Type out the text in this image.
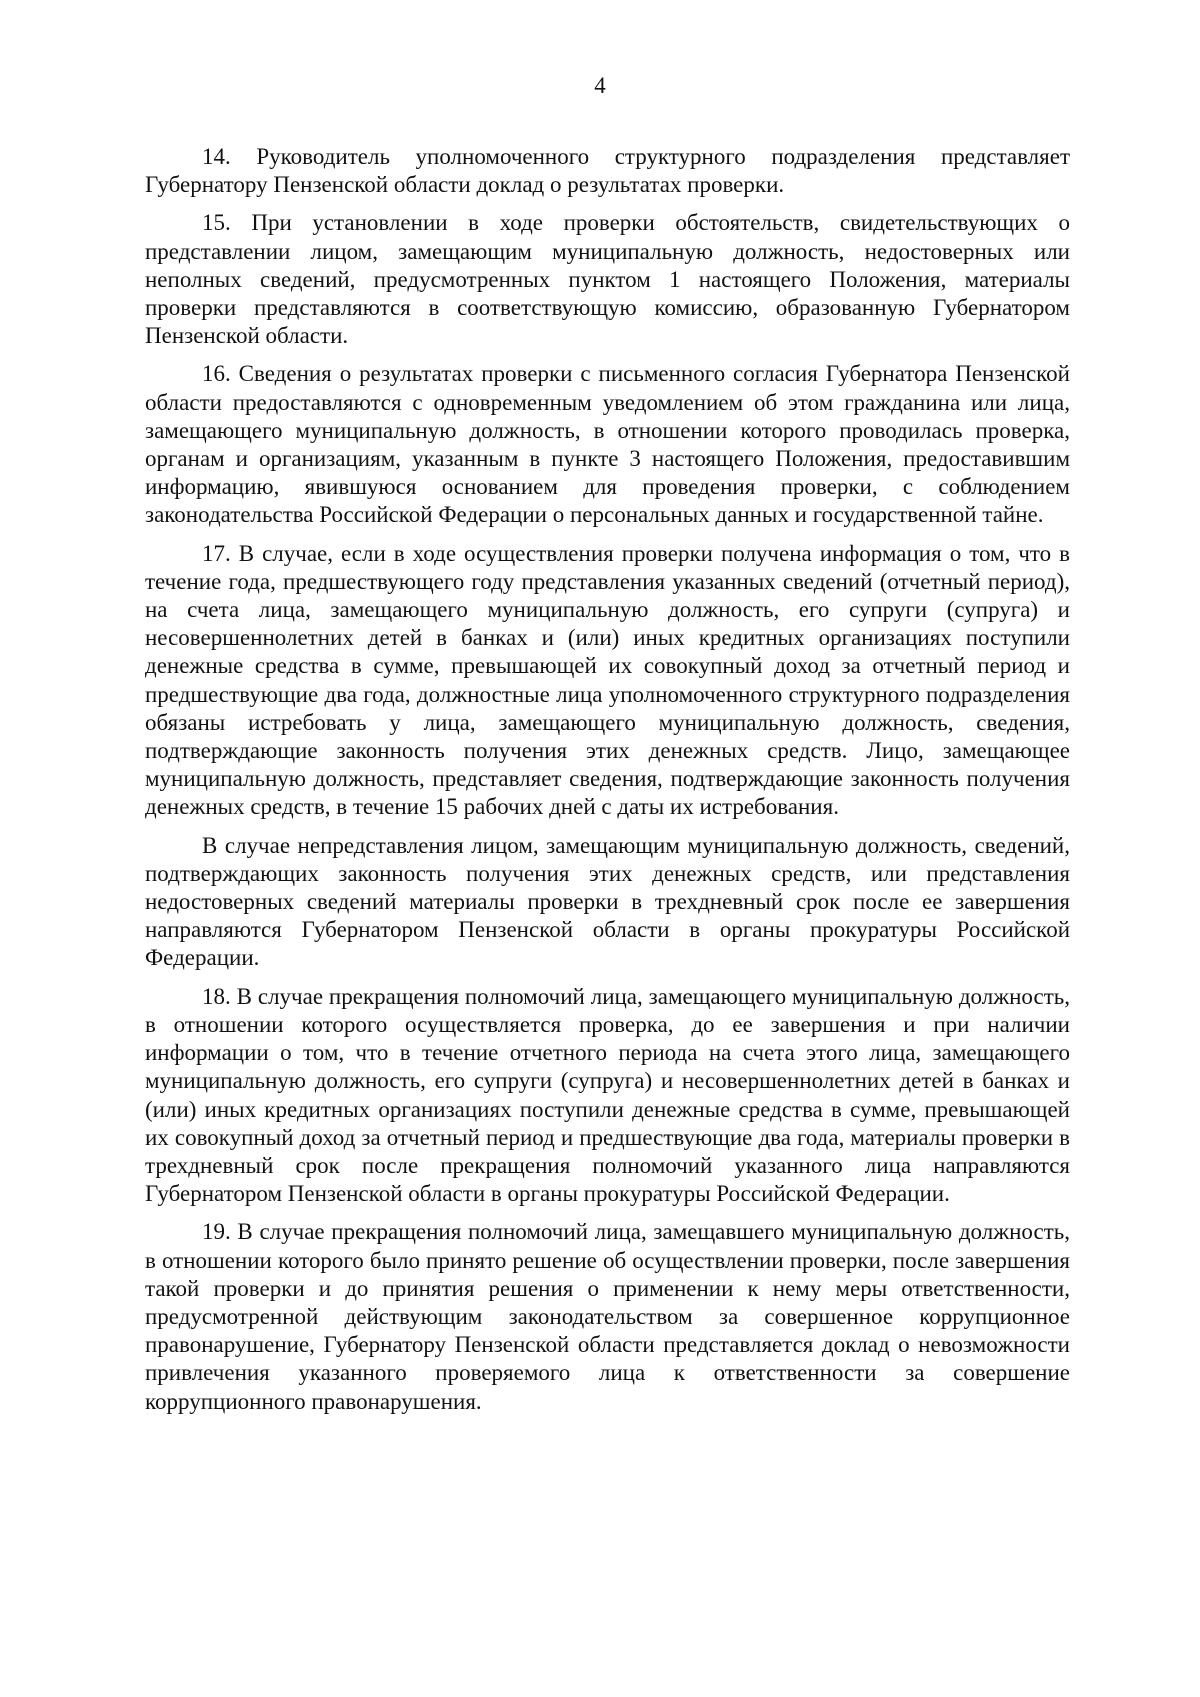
4

14. Руководитель уполномоченного структурного подразделения представляет Губернатору Пензенской области доклад о результатах проверки.

15. При установлении в ходе проверки обстоятельств, свидетельствующих о представлении лицом, замещающим муниципальную должность, недостоверных или неполных сведений, предусмотренных пунктом 1 настоящего Положения, материалы проверки представляются в соответствующую комиссию, образованную Губернатором Пензенской области.

16. Сведения о результатах проверки с письменного согласия Губернатора Пензенской области предоставляются с одновременным уведомлением об этом гражданина или лица, замещающего муниципальную должность, в отношении которого проводилась проверка, органам и организациям, указанным в пункте 3 настоящего Положения, предоставившим информацию, явившуюся основанием для проведения проверки, с соблюдением законодательства Российской Федерации о персональных данных и государственной тайне.

17. В случае, если в ходе осуществления проверки получена информация о том, что в течение года, предшествующего году представления указанных сведений (отчетный период), на счета лица, замещающего муниципальную должность, его супруги (супруга) и несовершеннолетних детей в банках и (или) иных кредитных организациях поступили денежные средства в сумме, превышающей их совокупный доход за отчетный период и предшествующие два года, должностные лица уполномоченного структурного подразделения обязаны истребовать у лица, замещающего муниципальную должность, сведения, подтверждающие законность получения этих денежных средств. Лицо, замещающее муниципальную должность, представляет сведения, подтверждающие законность получения денежных средств, в течение 15 рабочих дней с даты их истребования.

В случае непредставления лицом, замещающим муниципальную должность, сведений, подтверждающих законность получения этих денежных средств, или представления недостоверных сведений материалы проверки в трехдневный срок после ее завершения направляются Губернатором Пензенской области в органы прокуратуры Российской Федерации.

18. В случае прекращения полномочий лица, замещающего муниципальную должность, в отношении которого осуществляется проверка, до ее завершения и при наличии информации о том, что в течение отчетного периода на счета этого лица, замещающего муниципальную должность, его супруги (супруга) и несовершеннолетних детей в банках и (или) иных кредитных организациях поступили денежные средства в сумме, превышающей их совокупный доход за отчетный период и предшествующие два года, материалы проверки в трехдневный срок после прекращения полномочий указанного лица направляются Губернатором Пензенской области в органы прокуратуры Российской Федерации.

19. В случае прекращения полномочий лица, замещавшего муниципальную должность, в отношении которого было принято решение об осуществлении проверки, после завершения такой проверки и до принятия решения о применении к нему меры ответственности, предусмотренной действующим законодательством за совершенное коррупционное правонарушение, Губернатору Пензенской области представляется доклад о невозможности привлечения указанного проверяемого лица к ответственности за совершение коррупционного правонарушения.
